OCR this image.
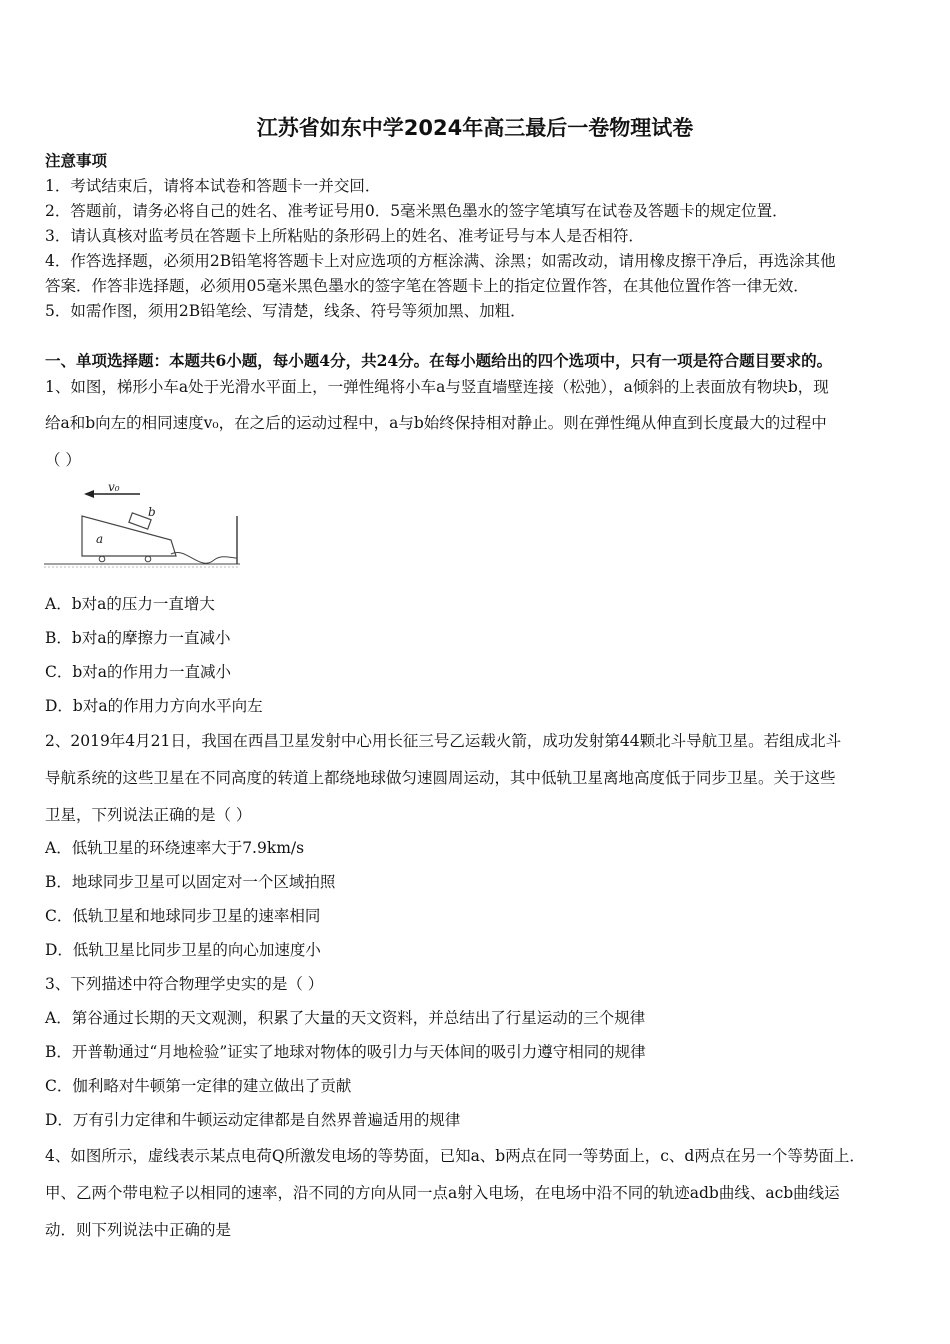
江苏省如东中学2024年高三最后一卷物理试卷
注意事项
1．考试结束后，请将本试卷和答题卡一并交回．
2．答题前，请务必将自己的姓名、准考证号用0．5毫米黑色墨水的签字笔填写在试卷及答题卡的规定位置．
3．请认真核对监考员在答题卡上所粘贴的条形码上的姓名、准考证号与本人是否相符．
4．作答选择题，必须用2B铅笔将答题卡上对应选项的方框涂满、涂黑；如需改动，请用橡皮擦干净后，再选涂其他
答案．作答非选择题，必须用05毫米黑色墨水的签字笔在答题卡上的指定位置作答，在其他位置作答一律无效．
5．如需作图，须用2B铅笔绘、写清楚，线条、符号等须加黑、加粗．
一、单项选择题：本题共6小题，每小题4分，共24分。在每小题给出的四个选项中，只有一项是符合题目要求的。
1、如图，梯形小车a处于光滑水平面上，一弹性绳将小车a与竖直墙壁连接（松弛），a倾斜的上表面放有物块b，现
给a和b向左的相同速度v₀，在之后的运动过程中，a与b始终保持相对静止。则在弹性绳从伸直到长度最大的过程中
（ ）
v₀
b
a
A．b对a的压力一直增大
B．b对a的摩擦力一直减小
C．b对a的作用力一直减小
D．b对a的作用力方向水平向左
2、2019年4月21日，我国在西昌卫星发射中心用长征三号乙运载火箭，成功发射第44颗北斗导航卫星。若组成北斗
导航系统的这些卫星在不同高度的转道上都绕地球做匀速圆周运动，其中低轨卫星离地高度低于同步卫星。关于这些
卫星，下列说法正确的是（ ）
A．低轨卫星的环绕速率大于7.9km/s
B．地球同步卫星可以固定对一个区域拍照
C．低轨卫星和地球同步卫星的速率相同
D．低轨卫星比同步卫星的向心加速度小
3、下列描述中符合物理学史实的是（ ）
A．第谷通过长期的天文观测，积累了大量的天文资料，并总结出了行星运动的三个规律
B．开普勒通过“月地检验”证实了地球对物体的吸引力与天体间的吸引力遵守相同的规律
C．伽利略对牛顿第一定律的建立做出了贡献
D．万有引力定律和牛顿运动定律都是自然界普遍适用的规律
4、如图所示，虚线表示某点电荷Q所激发电场的等势面，已知a、b两点在同一等势面上，c、d两点在另一个等势面上．
甲、乙两个带电粒子以相同的速率，沿不同的方向从同一点a射入电场，在电场中沿不同的轨迹adb曲线、acb曲线运
动．则下列说法中正确的是
